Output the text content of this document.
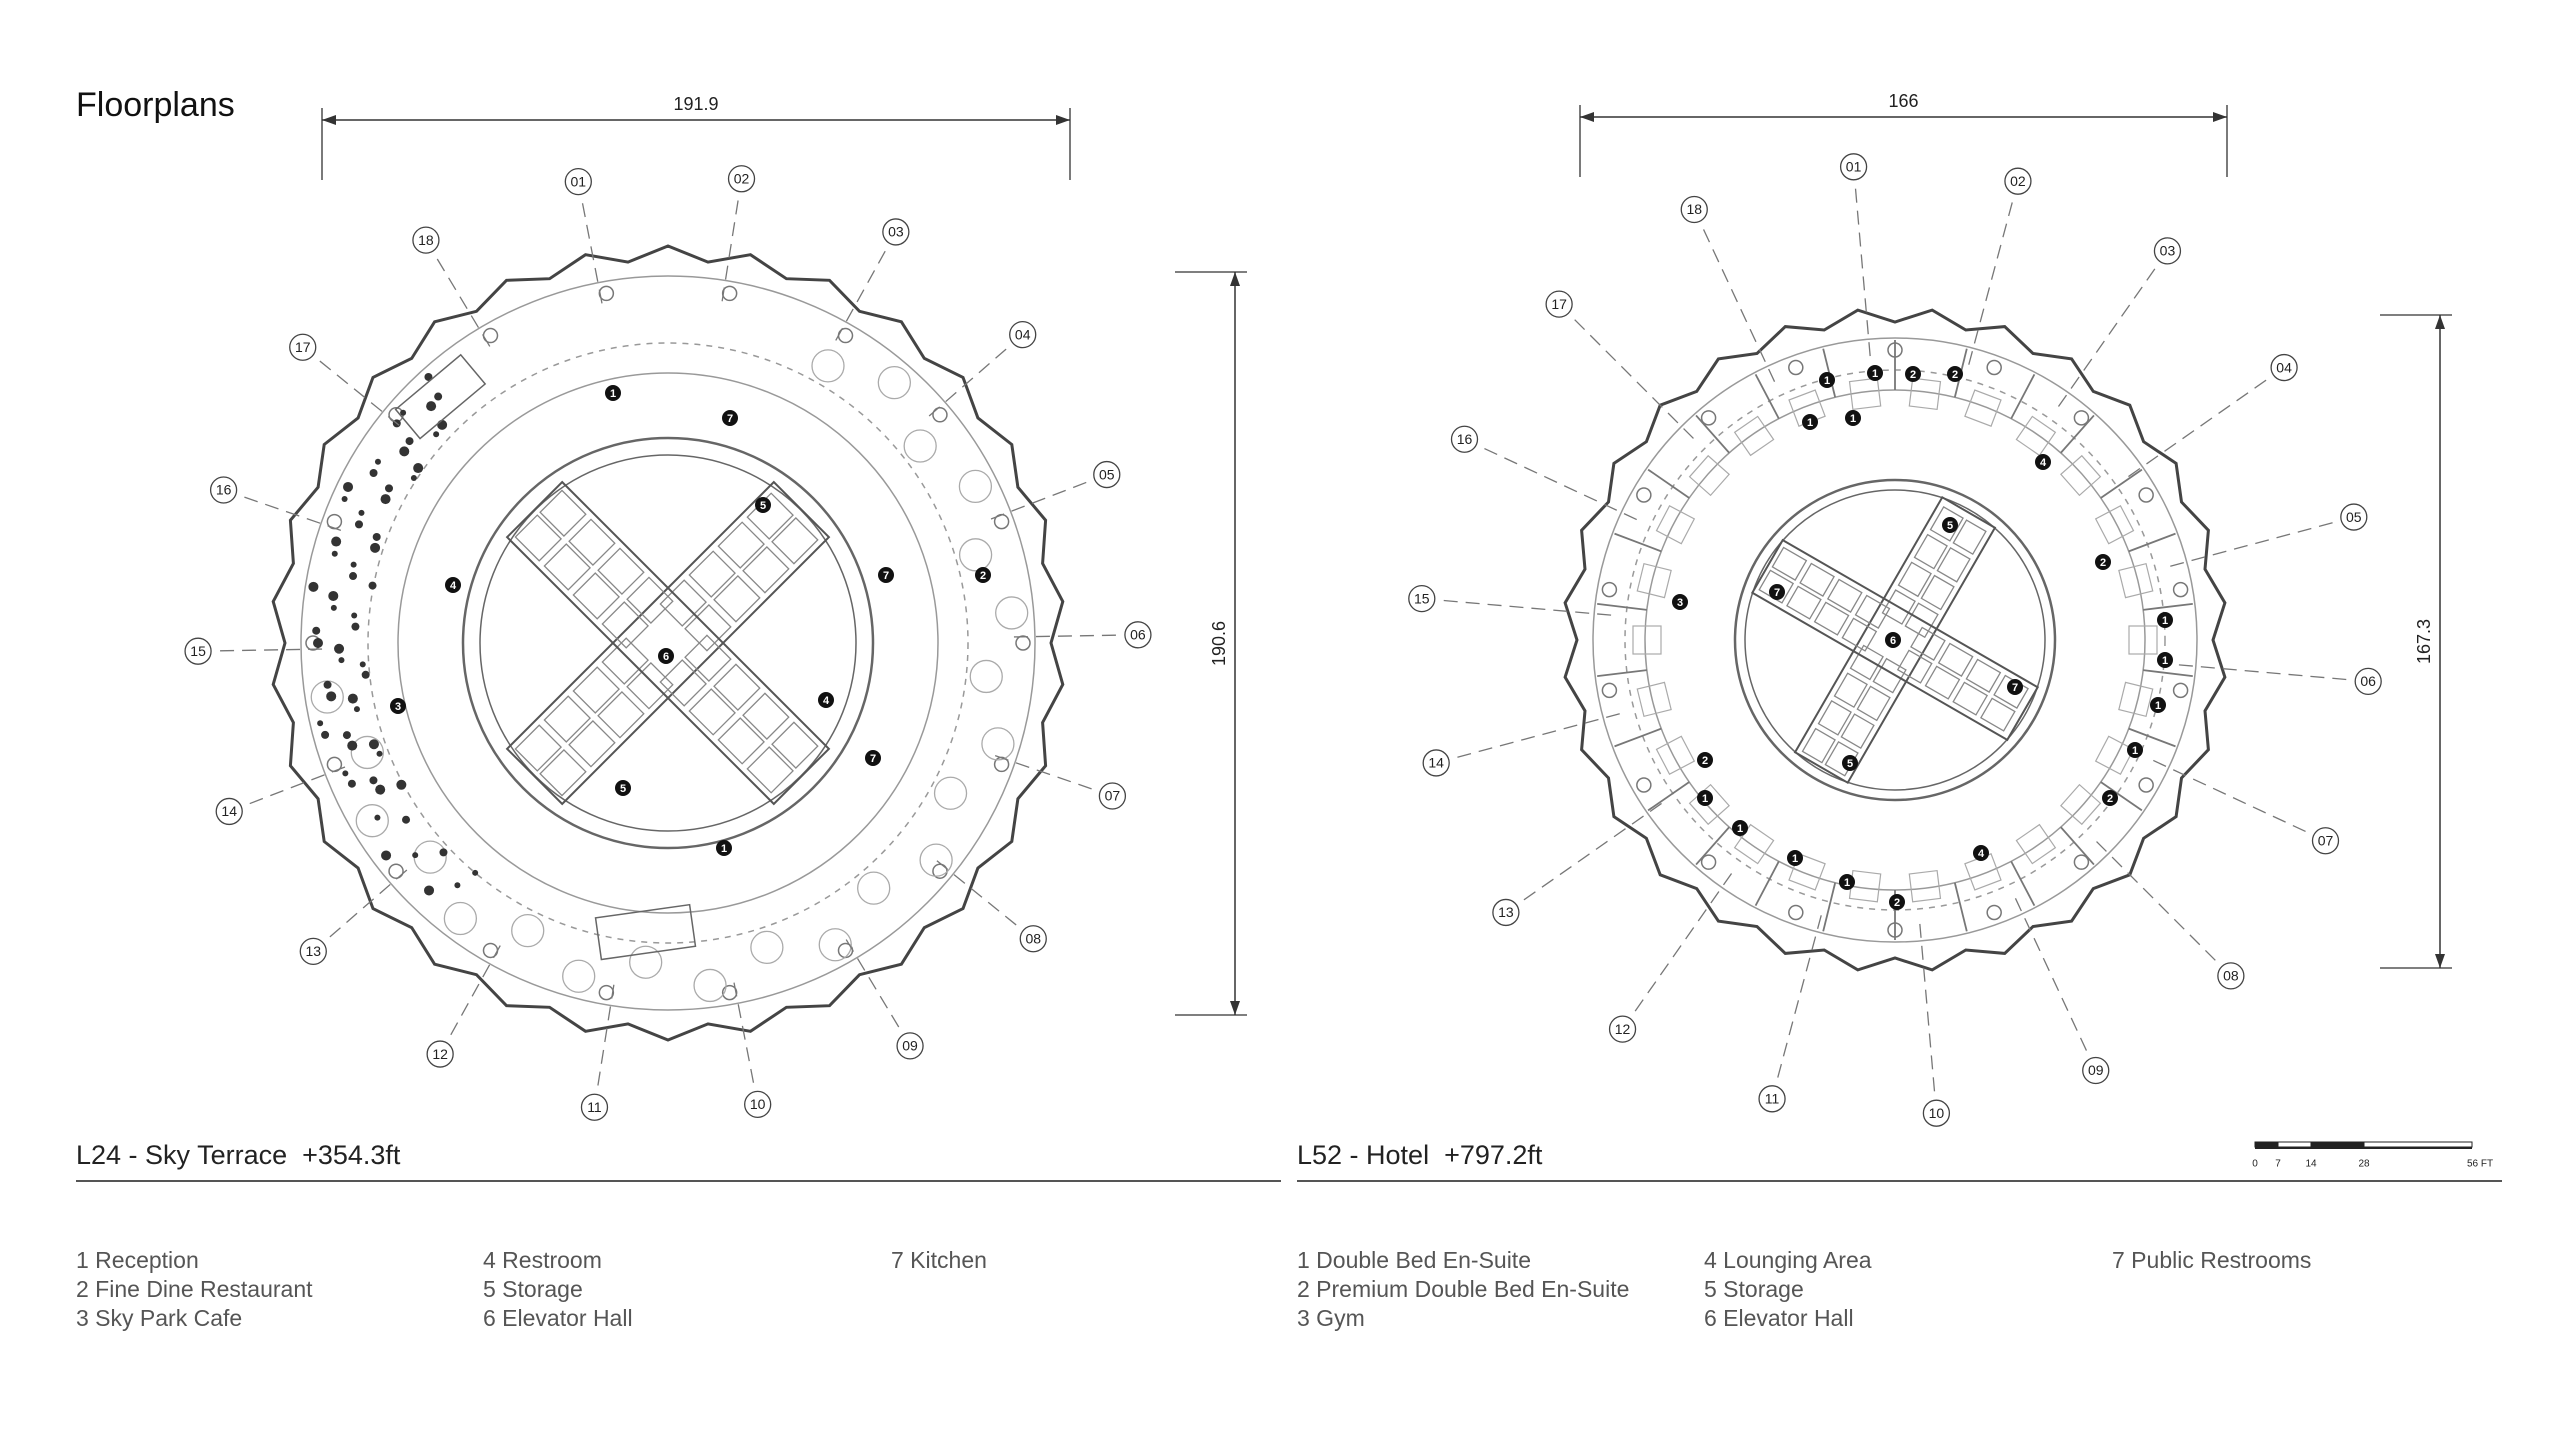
Floorplans
01	02
03
04
05
06
07
08
09
10
11
12
13
14
15
16
17
18
1
7
5
4
6
7	2
4
7
3
5
1
191.9
190.6
01
02
03
04
05
06
07
08
09
10
11
12
13
14
15
16
17
18
1	1
1
1	2	2
4
5
7
3
6
2
1
1
1
1
7
2
5
2
1
1
1
1
2
4
166
167.3
0 7 14	28	56 FT
L24 - Sky Terrace  +354.3ft
1 Reception
2 Fine Dine Restaurant
3 Sky Park Cafe
4 Restroom
5 Storage
6 Elevator Hall
7 Kitchen
L52 - Hotel  +797.2ft
1 Double Bed En-Suite
2 Premium Double Bed En-Suite
3 Gym
4 Lounging Area
5 Storage
6 Elevator Hall
7 Public Restrooms
